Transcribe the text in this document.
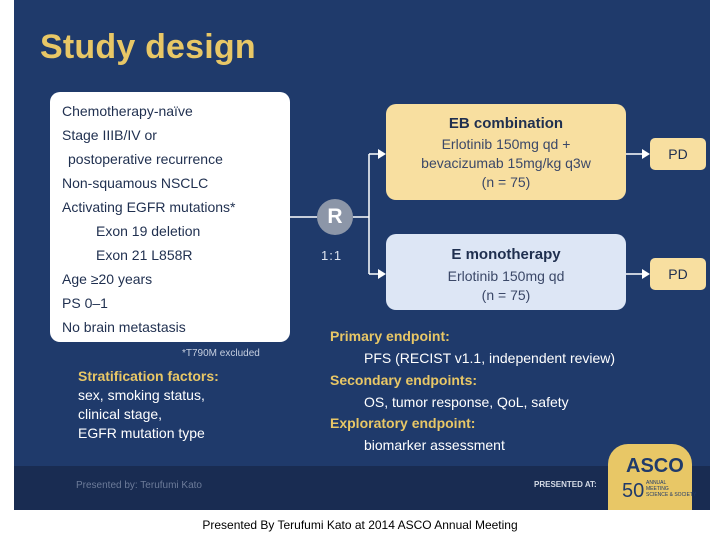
Study design
Chemotherapy-naïve
Stage IIIB/IV or
postoperative recurrence
Non-squamous NSCLC
Activating EGFR mutations*
Exon 19 deletion
Exon 21 L858R
Age ≥20 years
PS 0–1
No brain metastasis
*T790M excluded
Stratification factors:
sex, smoking status,
clinical stage,
EGFR mutation type
R
1:1
EB combination
Erlotinib 150mg qd +
bevacizumab 15mg/kg q3w
(n = 75)
PD
E monotherapy
Erlotinib 150mg qd
(n = 75)
PD
Primary endpoint:
PFS (RECIST v1.1, independent review)
Secondary endpoints:
OS, tumor response, QoL, safety
Exploratory endpoint:
biomarker assessment
Presented by: Terufumi Kato	PRESENTED AT:
ASCO
50 ANNUAL
MEETING
SCIENCE & SOCIETY
Presented By Terufumi Kato at 2014 ASCO Annual Meeting
